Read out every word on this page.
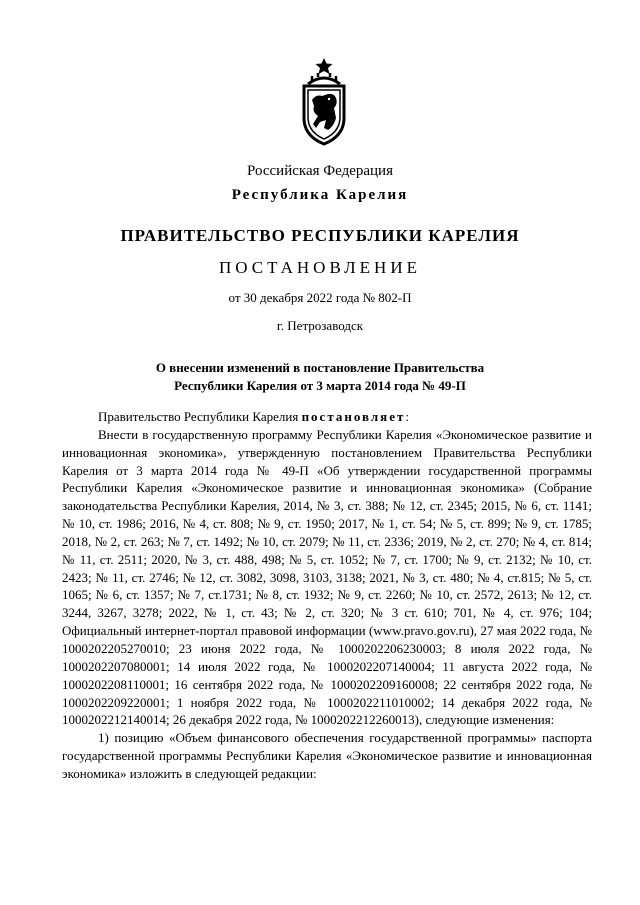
Российская Федерация
Республика Карелия
ПРАВИТЕЛЬСТВО РЕСПУБЛИКИ КАРЕЛИЯ
ПОСТАНОВЛЕНИЕ
от 30 декабря 2022 года № 802-П
г. Петрозаводск
О внесении изменений в постановление Правительства
Республики Карелия от 3 марта 2014 года № 49-П

Правительство Республики Карелия постановляет:

Внести в государственную программу Республики Карелия «Экономическое развитие и инновационная экономика», утвержденную постановлением Правительства Республики Карелия от 3 марта 2014 года № 49-П «Об утверждении государственной программы Республики Карелия «Экономическое развитие и инновационная экономика» (Собрание законодательства Республики Карелия, 2014, № 3, ст. 388; № 12, ст. 2345; 2015, № 6, ст. 1141; № 10, ст. 1986; 2016, № 4, ст. 808; № 9, ст. 1950; 2017, № 1, ст. 54; № 5, ст. 899; № 9, ст. 1785; 2018, № 2, ст. 263; № 7, ст. 1492; № 10, ст. 2079; № 11, ст. 2336; 2019, № 2, ст. 270; № 4, ст. 814; № 11, ст. 2511; 2020, № 3, ст. 488, 498; № 5, ст. 1052; № 7, ст. 1700; № 9, ст. 2132; № 10, ст. 2423; № 11, ст. 2746; № 12, ст. 3082, 3098, 3103, 3138; 2021, № 3, ст. 480; № 4, ст.815; № 5, ст. 1065; № 6, ст. 1357; № 7, ст.1731; № 8, ст. 1932; № 9, ст. 2260; № 10, ст. 2572, 2613; № 12, ст. 3244, 3267, 3278; 2022, № 1, ст. 43; № 2, ст. 320; № 3 ст. 610; 701, № 4, ст. 976; 104; Официальный интернет-портал правовой информации (www.pravo.gov.ru), 27 мая 2022 года, № 1000202205270010; 23 июня 2022 года, № 1000202206230003; 8 июля 2022 года, № 1000202207080001; 14 июля 2022 года, № 1000202207140004; 11 августа 2022 года, № 1000202208110001; 16 сентября 2022 года, № 1000202209160008; 22 сентября 2022 года, № 1000202209220001; 1 ноября 2022 года, № 1000202211010002; 14 декабря 2022 года, № 1000202212140014; 26 декабря 2022 года, № 1000202212260013), следующие изменения:

1) позицию «Объем финансового обеспечения государственной программы» паспорта государственной программы Республики Карелия «Экономическое развитие и инновационная экономика» изложить в следующей редакции:
